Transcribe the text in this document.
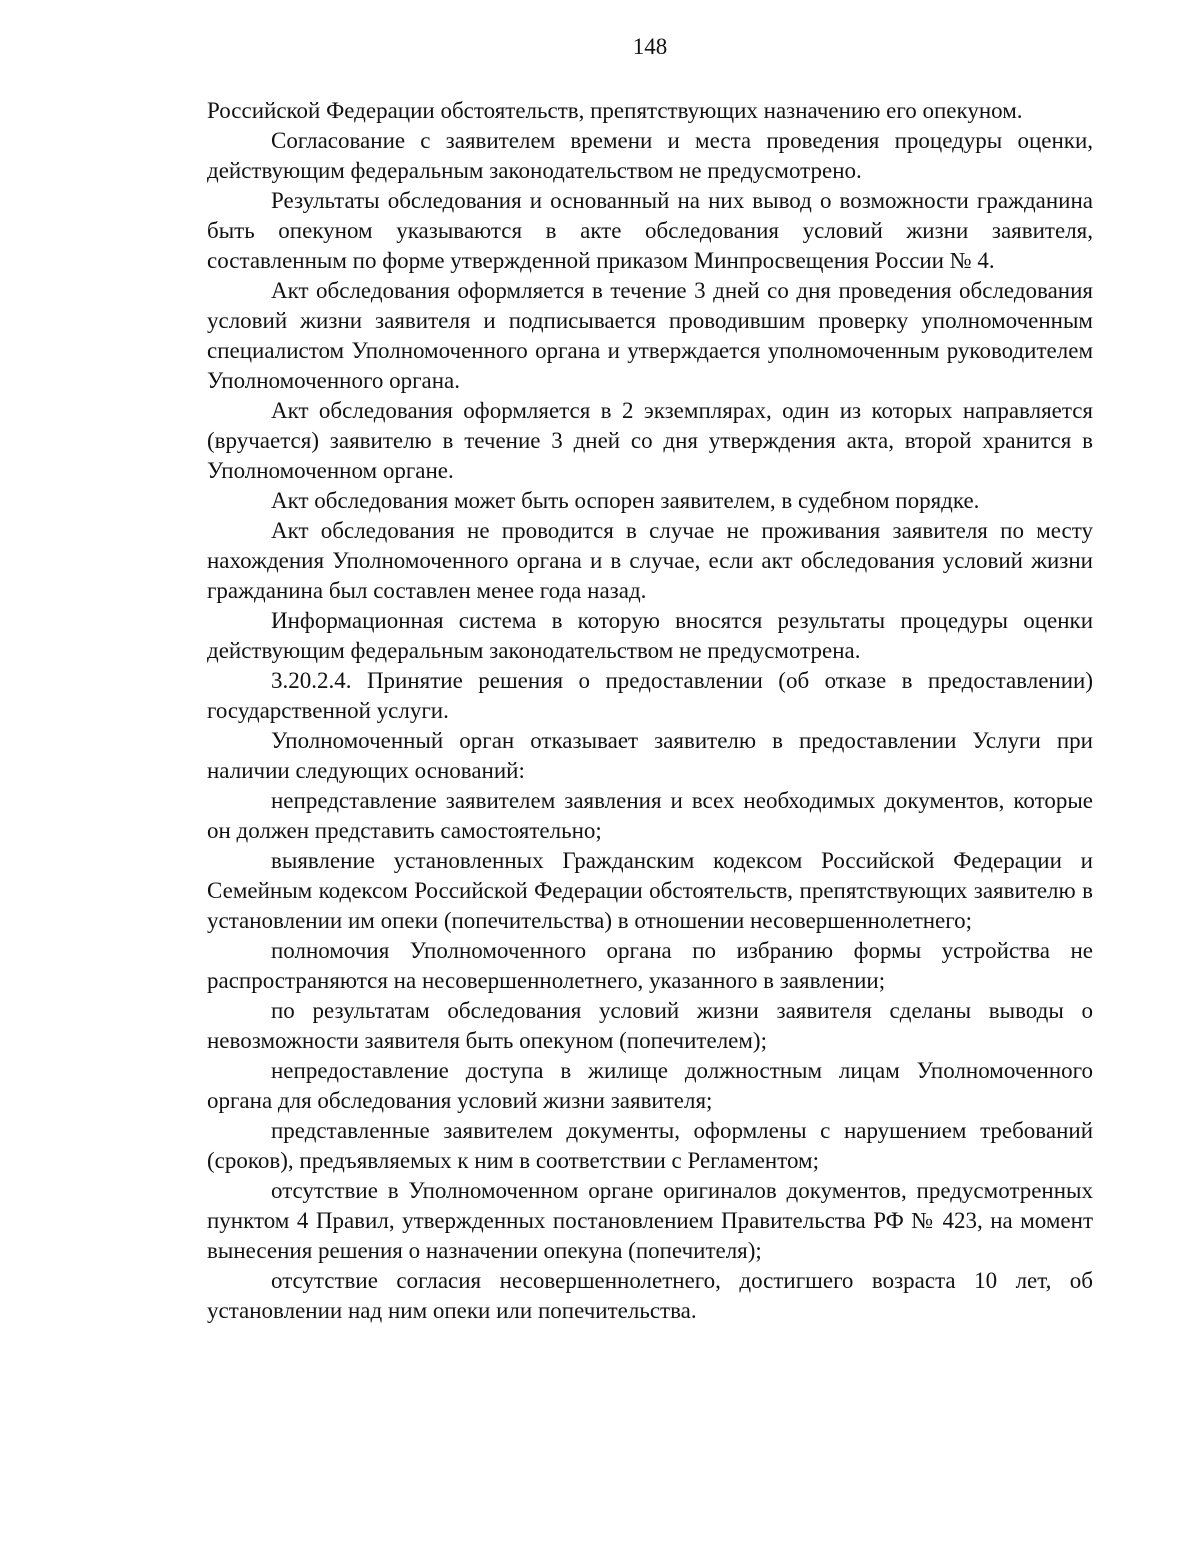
148

Российской Федерации обстоятельств, препятствующих назначению его опекуном.

Согласование с заявителем времени и места проведения процедуры оценки, действующим федеральным законодательством не предусмотрено.

Результаты обследования и основанный на них вывод о возможности гражданина быть опекуном указываются в акте обследования условий жизни заявителя, составленным по форме утвержденной приказом Минпросвещения России № 4.

Акт обследования оформляется в течение 3 дней со дня проведения обследования условий жизни заявителя и подписывается проводившим проверку уполномоченным специалистом Уполномоченного органа и утверждается уполномоченным руководителем Уполномоченного органа.

Акт обследования оформляется в 2 экземплярах, один из которых направляется (вручается) заявителю в течение 3 дней со дня утверждения акта, второй хранится в Уполномоченном органе.

Акт обследования может быть оспорен заявителем, в судебном порядке.

Акт обследования не проводится в случае не проживания заявителя по месту нахождения Уполномоченного органа и в случае, если акт обследования условий жизни гражданина был составлен менее года назад.

Информационная система в которую вносятся результаты процедуры оценки действующим федеральным законодательством не предусмотрена.

3.20.2.4. Принятие решения о предоставлении (об отказе в предоставлении) государственной услуги.

Уполномоченный орган отказывает заявителю в предоставлении Услуги при наличии следующих оснований:

непредставление заявителем заявления и всех необходимых документов, которые он должен представить самостоятельно;

выявление установленных Гражданским кодексом Российской Федерации и Семейным кодексом Российской Федерации обстоятельств, препятствующих заявителю в установлении им опеки (попечительства) в отношении несовершеннолетнего;

полномочия Уполномоченного органа по избранию формы устройства не распространяются на несовершеннолетнего, указанного в заявлении;

по результатам обследования условий жизни заявителя сделаны выводы о невозможности заявителя быть опекуном (попечителем);

непредоставление доступа в жилище должностным лицам Уполномоченного органа для обследования условий жизни заявителя;

представленные заявителем документы, оформлены с нарушением требований (сроков), предъявляемых к ним в соответствии с Регламентом;

отсутствие в Уполномоченном органе оригиналов документов, предусмотренных пунктом 4 Правил, утвержденных постановлением Правительства РФ № 423, на момент вынесения решения о назначении опекуна (попечителя);

отсутствие согласия несовершеннолетнего, достигшего возраста 10 лет, об установлении над ним опеки или попечительства.
